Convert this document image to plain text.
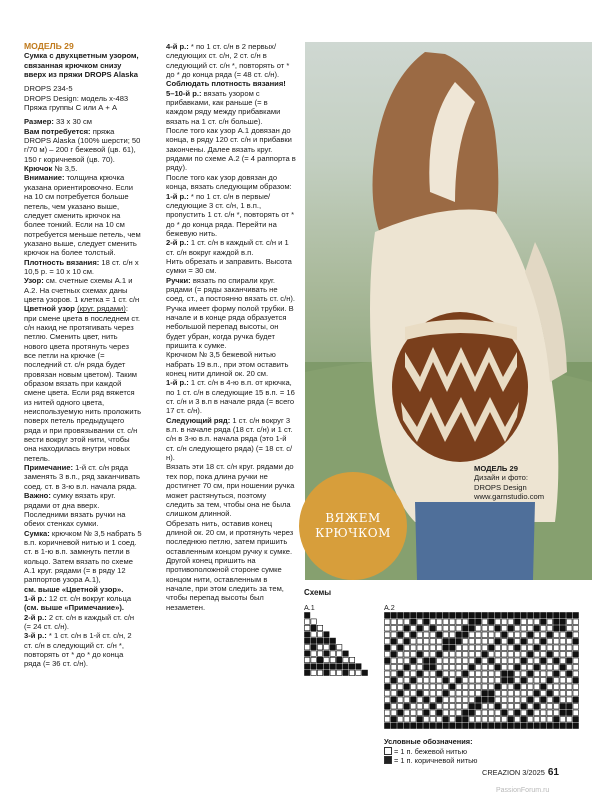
МОДЕЛЬ 29

Сумка с двухцветным узором, связанная крючком снизу вверх из пряжи DROPS Alaska

DROPS 234-5

DROPS Design: модель x-483

Пряжа группы С или А + А

Размер: 33 х 30 см

Вам потребуется: пряжа DROPS Alaska (100% шерсти; 50 г/70 м) – 200 г бежевой (цв. 61), 150 г коричневой (цв. 70).

Крючок № 3,5.

Внимание: толщина крючка указана ориентировочно. Если на 10 см потребуется больше петель, чем указано выше, следует сменить крючок на более тонкий. Если на 10 см потребуется меньше петель, чем указано выше, следует сменить крючок на более толстый.

Плотность вязания: 18 ст. с/н х 10,5 р. = 10 х 10 см.

Узор: см. счетные схемы А.1 и А.2. На счетных схемах даны цвета узоров. 1 клетка = 1 ст. с/н

Цветной узор (круг. рядами): при смене цвета в последнем ст. с/н накид не протягивать через петлю. Сменить цвет, нить нового цвета протянуть через все петли на крючке (= последний ст. с/н ряда будет провязан новым цветом). Таким образом вязать при каждой смене цвета. Если ряд вяжется из нитей одного цвета, неиспользуемую нить проложить поверх петель предыдущего ряда и при провязывании ст. с/н вести вокруг этой нити, чтобы она находилась внутри новых петель.

Примечание: 1-й ст. с/н ряда заменять 3 в.п., ряд заканчивать соед. ст. в 3-ю в.п. начала ряда.

Важно: сумку вязать круг. рядами от дна вверх. Последними вязать ручки на обеих стенках сумки.

Сумка: крючком № 3,5 набрать 5 в.п. коричневой нитью и 1 соед. ст. в 1-ю в.п. замкнуть петли в кольцо. Затем вязать по схеме А.1 круг. рядами (= в ряду 12 раппортов узора А.1),

см. выше «Цветной узор».

1-й р.: 12 ст. с/н вокруг кольца

(см. выше «Примечание»).

2-й р.: 2 ст. с/н в каждый ст. с/н (= 24 ст. с/н).

3-й р.: * 1 ст. с/н в 1-й ст. с/н, 2 ст. с/н в следующий ст. с/н *, повторять от * до * до конца ряда (= 36 ст. с/н).

4-й р.: * по 1 ст. с/н в 2 первых/следующих ст. с/н, 2 ст. с/н в следующий ст. с/н *, повторять от * до * до конца ряда (= 48 ст. с/н).

Соблюдать плотность вязания!

5–10-й р.: вязать узором с прибавками, как раньше (= в каждом ряду между прибавками вязать на 1 ст. с/н больше).

После того как узор А.1 довязан до конца, в ряду 120 ст. с/н и прибавки закончены. Далее вязать круг. рядами по схеме А.2 (= 4 раппорта в ряду).

После того как узор довязан до конца, вязать следующим образом:

1-й р.: * по 1 ст. с/н в первые/следующие 3 ст. с/н, 1 в.п., пропустить 1 ст. с/н *, повторять от * до * до конца ряда. Перейти на бежевую нить.

2-й р.: 1 ст. с/н в каждый ст. с/н и 1 ст. с/н вокруг каждой в.п.

Нить обрезать и заправить. Высота сумки = 30 см.

Ручки: вязать по спирали круг. рядами (= ряды заканчивать не соед. ст., а постоянно вязать ст. с/н).

Ручка имеет форму полой трубки. В начале и в конце ряда образуется небольшой перепад высоты, он будет убран, когда ручка будет пришита к сумке.

Крючком № 3,5 бежевой нитью набрать 19 в.п., при этом оставить конец нити длиной ок. 20 см.

1-й р.: 1 ст. с/н в 4-ю в.п. от крючка, по 1 ст. с/н в следующие 15 в.п. = 16 ст. с/н и 3 в.п в начале ряда (= всего 17 ст. с/н).

Следующий ряд: 1 ст. с/н вокруг 3 в.п. в начале ряда (18 ст. с/н) и 1 ст. с/н в 3-ю в.п. начала ряда (это 1-й ст. с/н следующего ряда) (= 18 ст. с/н).

Вязать эти 18 ст. с/н круг. рядами до тех пор, пока длина ручки не достигнет 70 см, при ношении ручка может растянуться, поэтому следить за тем, чтобы она не была слишком длинной.

Обрезать нить, оставив конец длиной ок. 20 см, и протянуть через последнюю петлю, затем пришить оставленным концом ручку к сумке.

Другой конец пришить на противоположной стороне сумке концом нити, оставленным в начале, при этом следить за тем, чтобы перепад высоты был незаметен.

ВЯЖЕМ
КРЮЧКОМ

МОДЕЛЬ 29

Дизайн и фото:

DROPS Design

www.garnstudio.com

Схемы
A.1	A.2

Условные обозначения:

= 1 п. бежевой нитью

= 1 п. коричневой нитью

CREAZION 3/2025 61
PassionForum.ru
